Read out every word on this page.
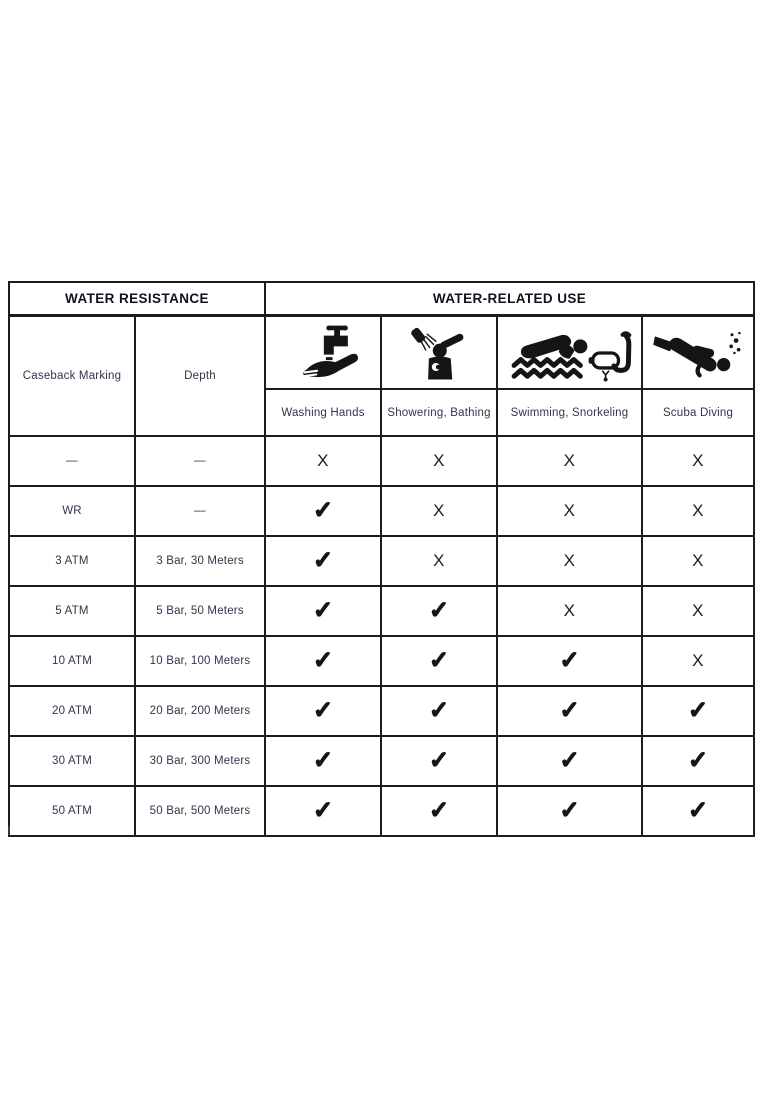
WATER RESISTANCE		WATER-RELATED USE			
Caseback Marking	Depth	

		Washing Hands	Showering, Bathing	Swimming, Snorkeling	Scuba Diving
—	—	X	X	X	X
WR	—	✓	X	X	X
3 ATM	3 Bar, 30 Meters	✓	X	X	X
5 ATM	5 Bar, 50 Meters	✓	✓	X	X
10 ATM	10 Bar, 100 Meters	✓	✓	✓	X
20 ATM	20 Bar, 200 Meters	✓	✓	✓	✓
30 ATM	30 Bar, 300 Meters	✓	✓	✓	✓
50 ATM	50 Bar, 500 Meters	✓	✓	✓	✓
